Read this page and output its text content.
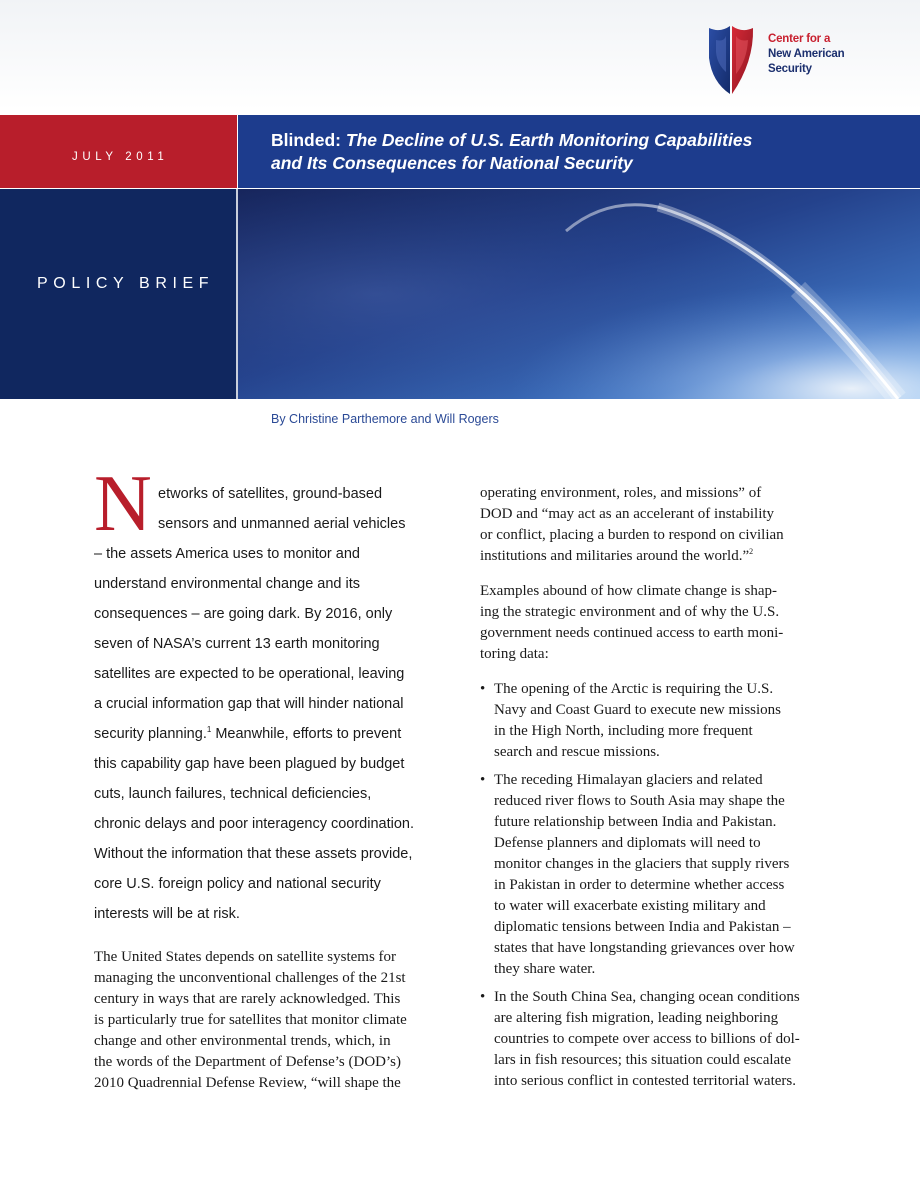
Center for a
New American
Security
JULY 2011
Blinded: The Decline of U.S. Earth Monitoring Capabilities
and Its Consequences for National Security
POLICY BRIEF
By Christine Parthemore and Will Rogers
N etworks of satellites, ground-based
sensors and unmanned aerial vehicles
– the assets America uses to monitor and
understand environmental change and its
consequences – are going dark. By 2016, only
seven of NASA’s current 13 earth monitoring
satellites are expected to be operational, leaving
a crucial information gap that will hinder national
security planning.$^1$ Meanwhile, efforts to prevent
this capability gap have been plagued by budget
cuts, launch failures, technical deficiencies,
chronic delays and poor interagency coordination.
Without the information that these assets provide,
core U.S. foreign policy and national security
interests will be at risk.
The United States depends on satellite systems for
managing the unconventional challenges of the 21st
century in ways that are rarely acknowledged. This
is particularly true for satellites that monitor climate
change and other environmental trends, which, in
the words of the Department of Defense’s (DOD’s)
2010 Quadrennial Defense Review, “will shape the
operating environment, roles, and missions” of
DOD and “may act as an accelerant of instability
or conflict, placing a burden to respond on civilian
institutions and militaries around the world.”$^2$
Examples abound of how climate change is shap-
ing the strategic environment and of why the U.S.
government needs continued access to earth moni-
toring data:
• The opening of the Arctic is requiring the U.S.
Navy and Coast Guard to execute new missions
in the High North, including more frequent
search and rescue missions.
• The receding Himalayan glaciers and related
reduced river flows to South Asia may shape the
future relationship between India and Pakistan.
Defense planners and diplomats will need to
monitor changes in the glaciers that supply rivers
in Pakistan in order to determine whether access
to water will exacerbate existing military and
diplomatic tensions between India and Pakistan –
states that have longstanding grievances over how
they share water.
• In the South China Sea, changing ocean conditions
are altering fish migration, leading neighboring
countries to compete over access to billions of dol-
lars in fish resources; this situation could escalate
into serious conflict in contested territorial waters.
